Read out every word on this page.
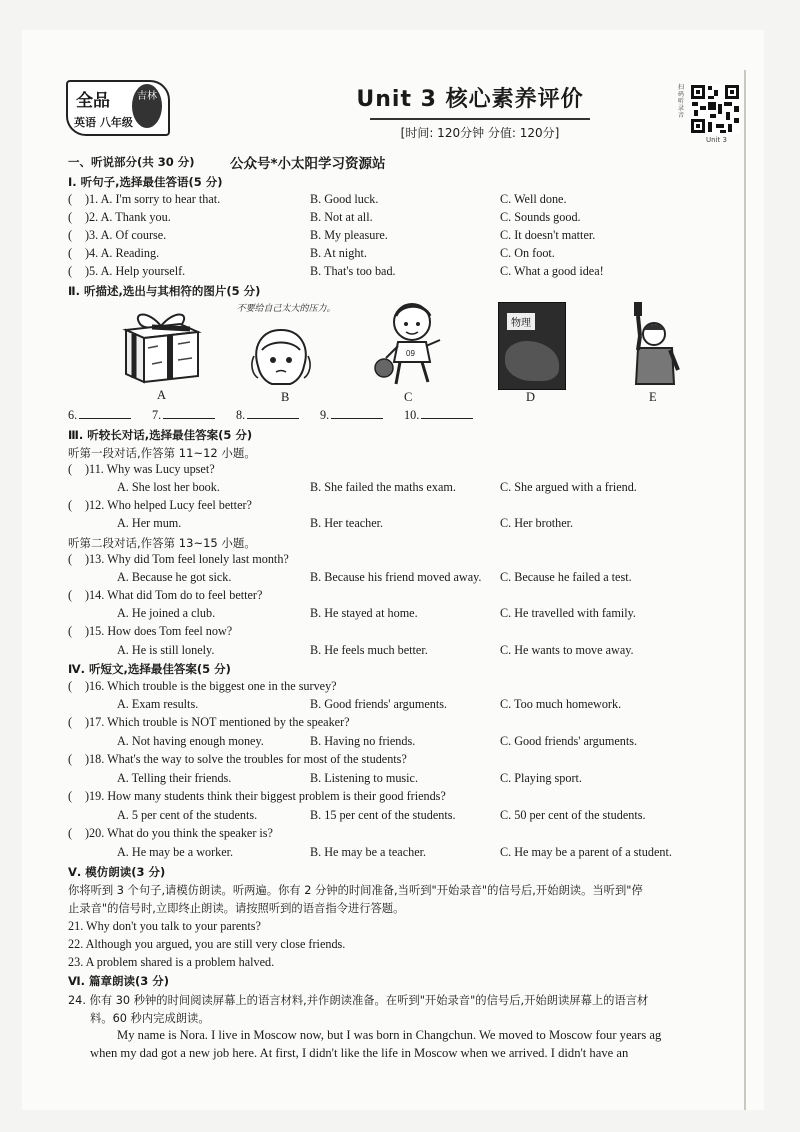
全品
英语 八年级
吉林	Unit 3 核心素养评价
[时间: 120分钟 分值: 120分]
扫码听录音
Unit 3
一、听说部分(共 30 分)	公众号*小太阳学习资源站
Ⅰ. 听句子,选择最佳答语(5 分)
( )1. A. I'm sorry to hear that.	B. Good luck.	C. Well done.
( )2. A. Thank you.	B. Not at all.	C. Sounds good.
( )3. A. Of course.	B. My pleasure.	C. It doesn't matter.
( )4. A. Reading.	B. At night.	C. On foot.
( )5. A. Help yourself.	B. That's too bad.	C. What a good idea!
Ⅱ. 听描述,选出与其相符的图片(5 分)
A
不要给自己太大的压力。
B
09
C
物理
D	E
6.	7.	8.	9.	10.
Ⅲ. 听较长对话,选择最佳答案(5 分)
听第一段对话,作答第 11~12 小题。
( )11. Why was Lucy upset?
A. She lost her book.	B. She failed the maths exam.	C. She argued with a friend.
( )12. Who helped Lucy feel better?
A. Her mum.	B. Her teacher.	C. Her brother.
听第二段对话,作答第 13~15 小题。
( )13. Why did Tom feel lonely last month?
A. Because he got sick.	B. Because his friend moved away. C. Because he failed a test.
( )14. What did Tom do to feel better?
A. He joined a club.	B. He stayed at home.	C. He travelled with family.
( )15. How does Tom feel now?
A. He is still lonely.	B. He feels much better.	C. He wants to move away.
Ⅳ. 听短文,选择最佳答案(5 分)
( )16. Which trouble is the biggest one in the survey?
A. Exam results.	B. Good friends' arguments.	C. Too much homework.
( )17. Which trouble is NOT mentioned by the speaker?
A. Not having enough money.	B. Having no friends.	C. Good friends' arguments.
( )18. What's the way to solve the troubles for most of the students?
A. Telling their friends.	B. Listening to music.	C. Playing sport.
( )19. How many students think their biggest problem is their good friends?
A. 5 per cent of the students.	B. 15 per cent of the students.	C. 50 per cent of the students.
( )20. What do you think the speaker is?
A. He may be a worker.	B. He may be a teacher.	C. He may be a parent of a student.
Ⅴ. 模仿朗读(3 分)
你将听到 3 个句子,请模仿朗读。听两遍。你有 2 分钟的时间准备,当听到"开始录音"的信号后,开始朗读。当听到"停
止录音"的信号时,立即终止朗读。请按照听到的语音指令进行答题。
21. Why don't you talk to your parents?
22. Although you argued, you are still very close friends.
23. A problem shared is a problem halved.
Ⅵ. 篇章朗读(3 分)
24. 你有 30 秒钟的时间阅读屏幕上的语言材料,并作朗读准备。在听到"开始录音"的信号后,开始朗读屏幕上的语言材
料。60 秒内完成朗读。
My name is Nora. I live in Moscow now, but I was born in Changchun. We moved to Moscow four years ag
when my dad got a new job here. At first, I didn't like the life in Moscow when we arrived. I didn't have an
